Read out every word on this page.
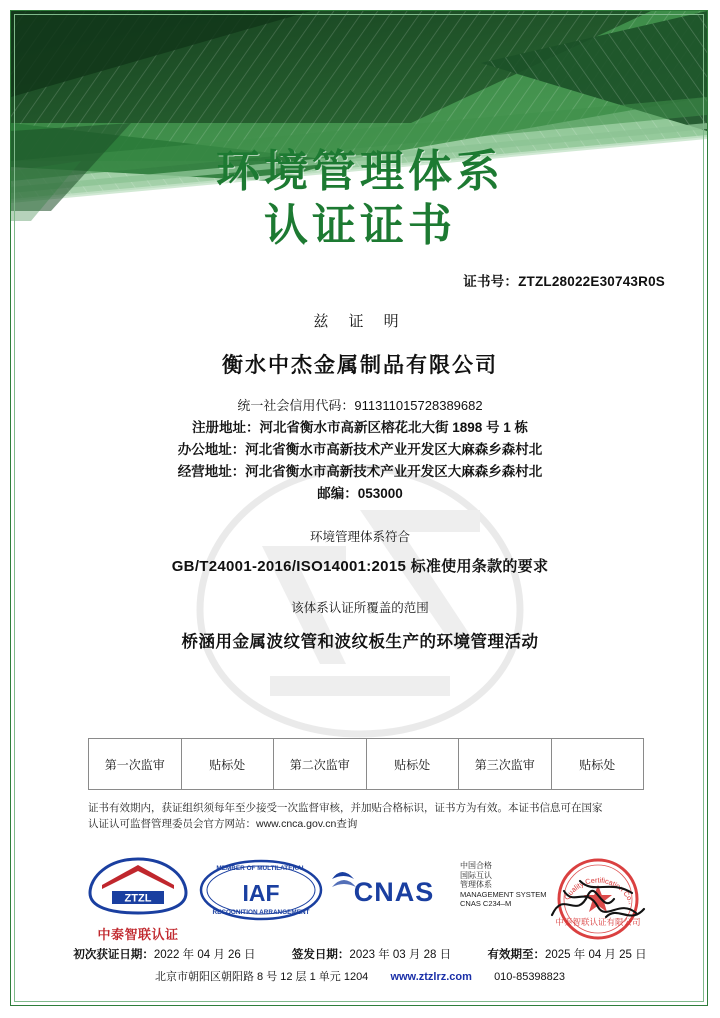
环境管理体系
认证证书
证书号：ZTZL28022E30743R0S
兹 证 明
衡水中杰金属制品有限公司
统一社会信用代码：911311015728389682
注册地址：河北省衡水市高新区榕花北大街 1898 号 1 栋
办公地址：河北省衡水市高新技术产业开发区大麻森乡森村北
经营地址：河北省衡水市高新技术产业开发区大麻森乡森村北
邮编：053000
环境管理体系符合
GB/T24001-2016/ISO14001:2015 标准使用条款的要求
该体系认证所覆盖的范围
桥涵用金属波纹管和波纹板生产的环境管理活动
第一次监审	贴标处	第二次监审	贴标处	第三次监审	贴标处
证书有效期内，获证组织须每年至少接受一次监督审核，并加贴合格标识，证书方为有效。本证书信息可在国家
认证认可监督管理委员会官方网站：www.cnca.gov.cn查询
ZTZL
中泰智联认证
MEMBER OF MULTILATERAL
IAF
RECOGNITION ARRANGEMENT
CNAS
中国合格
国际互认
管理体系
MANAGEMENT SYSTEM
CNAS C234–M
Quality Certification Co.,
中泰智联认证有限公司
初次获证日期：2022 年 04 月 26 日	签发日期：2023 年 03 月 28 日	有效期至：2025 年 04 月 25 日
北京市朝阳区朝阳路 8 号 12 层 1 单元 1204 www.ztzlrz.com 010-85398823
